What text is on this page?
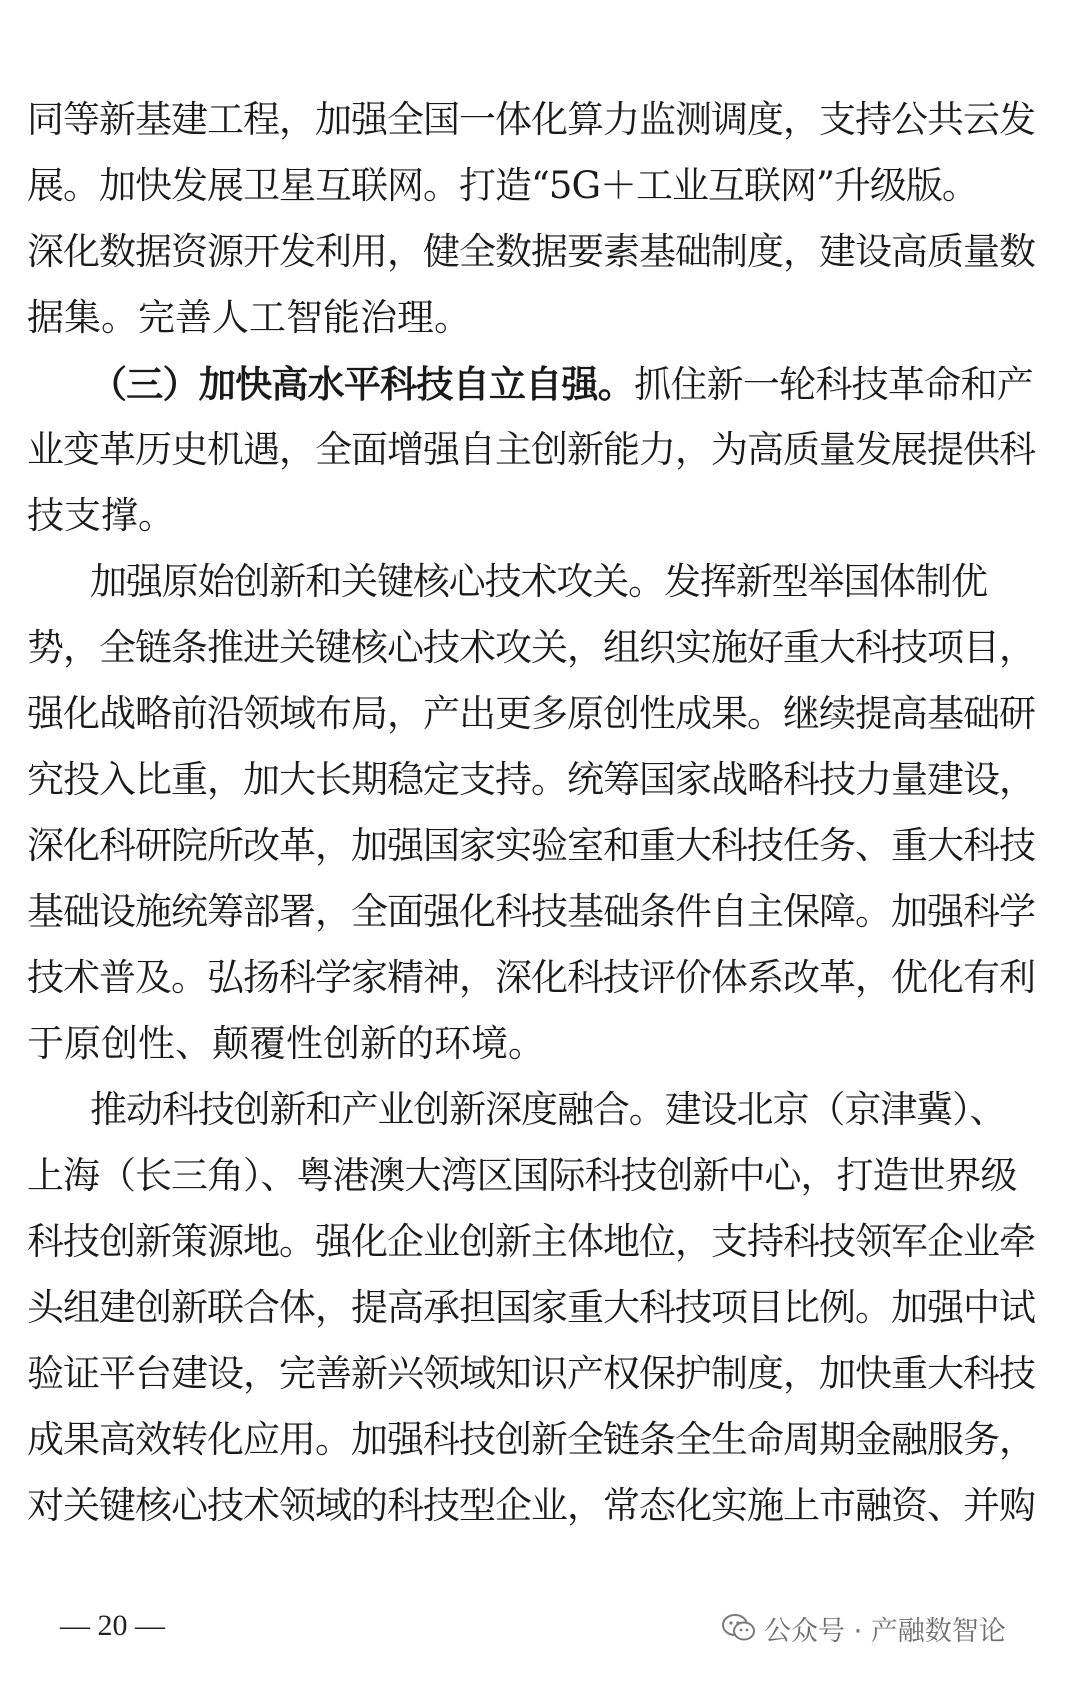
同等新基建工程，加强全国一体化算力监测调度，支持公共云发
展。加快发展卫星互联网。打造“5G＋工业互联网”升级版。
深化数据资源开发利用，健全数据要素基础制度，建设高质量数
据集。完善人工智能治理。
（三）加快高水平科技自立自强。抓住新一轮科技革命和产
业变革历史机遇，全面增强自主创新能力，为高质量发展提供科
技支撑。
加强原始创新和关键核心技术攻关。发挥新型举国体制优
势，全链条推进关键核心技术攻关，组织实施好重大科技项目，
强化战略前沿领域布局，产出更多原创性成果。继续提高基础研
究投入比重，加大长期稳定支持。统筹国家战略科技力量建设，
深化科研院所改革，加强国家实验室和重大科技任务、重大科技
基础设施统筹部署，全面强化科技基础条件自主保障。加强科学
技术普及。弘扬科学家精神，深化科技评价体系改革，优化有利
于原创性、颠覆性创新的环境。
推动科技创新和产业创新深度融合。建设北京（京津冀）、
上海（长三角）、粤港澳大湾区国际科技创新中心，打造世界级
科技创新策源地。强化企业创新主体地位，支持科技领军企业牵
头组建创新联合体，提高承担国家重大科技项目比例。加强中试
验证平台建设，完善新兴领域知识产权保护制度，加快重大科技
成果高效转化应用。加强科技创新全链条全生命周期金融服务，
对关键核心技术领域的科技型企业，常态化实施上市融资、并购
— 20 —	公众号 · 产融数智论
